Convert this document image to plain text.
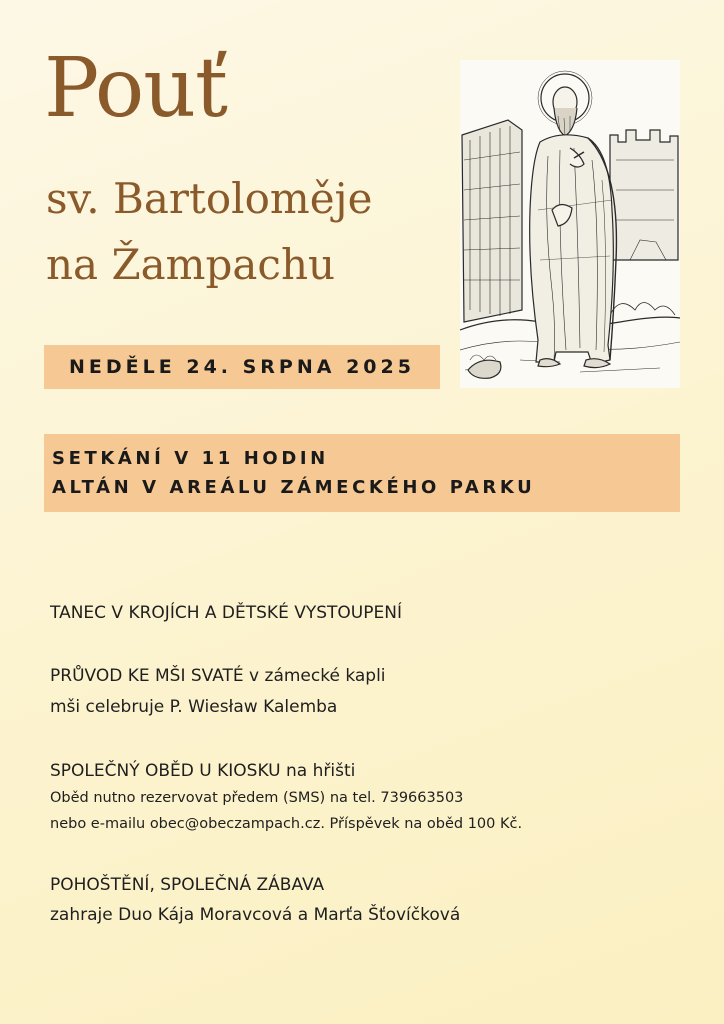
Pouť
sv. Bartoloměje
na Žampachu
NEDĚLE 24. SRPNA 2025
SETKÁNÍ V 11 HODIN
ALTÁN V AREÁLU ZÁMECKÉHO PARKU
TANEC V KROJÍCH A DĚTSKÉ VYSTOUPENÍ
PRŮVOD KE MŠI SVATÉ v zámecké kapli
mši celebruje P. Wiesław Kalemba
SPOLEČNÝ OBĚD U KIOSKU na hřišti
Oběd nutno rezervovat předem (SMS) na tel. 739663503
nebo e-mailu obec@obeczampach.cz. Příspěvek na oběd 100 Kč.
POHOŠTĚNÍ, SPOLEČNÁ ZÁBAVA
zahraje Duo Kája Moravcová a Marťa Šťovíčková
